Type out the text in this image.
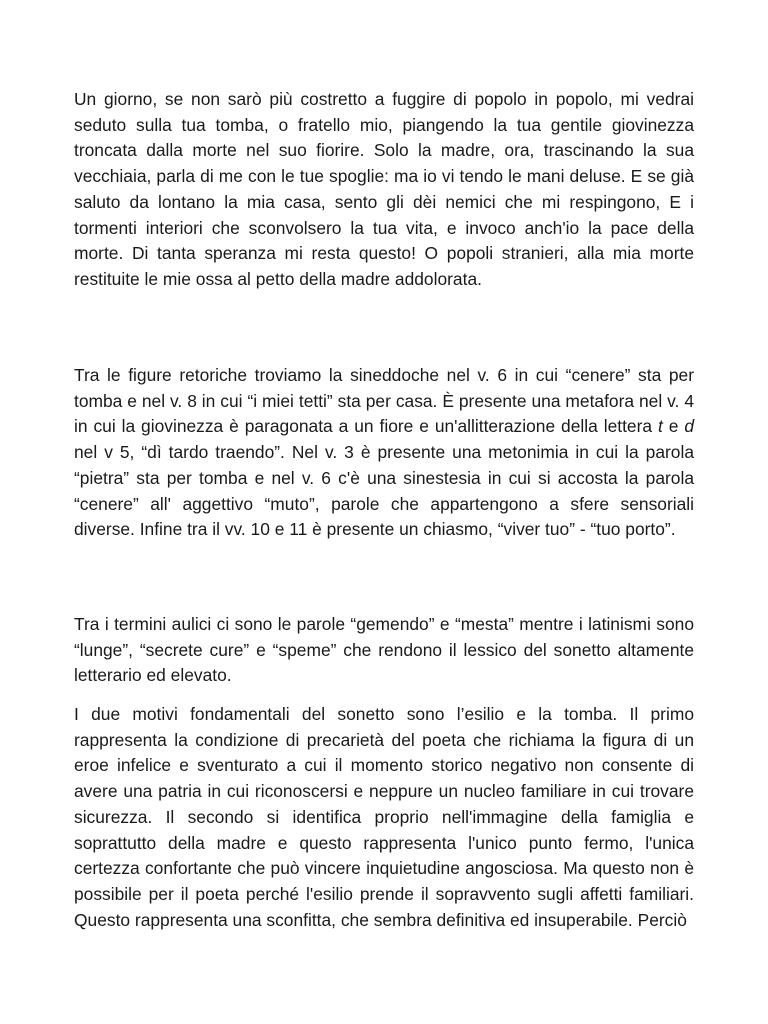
Un giorno, se non sarò più costretto a fuggire di popolo in popolo, mi vedrai seduto sulla tua tomba, o fratello mio, piangendo la tua gentile giovinezza troncata dalla morte nel suo fiorire. Solo la madre, ora, trascinando la sua vecchiaia, parla di me con le tue spoglie: ma io vi tendo le mani deluse. E se già saluto da lontano la mia casa, sento gli dèi nemici che mi respingono, E i tormenti interiori che sconvolsero la tua vita, e invoco anch'io la pace della morte. Di tanta speranza mi resta questo! O popoli stranieri, alla mia morte restituite le mie ossa al petto della madre addolorata.

Tra le figure retoriche troviamo la sineddoche nel v. 6 in cui “cenere” sta per tomba e nel v. 8 in cui “i miei tetti” sta per casa. È presente una metafora nel v. 4 in cui la giovinezza è paragonata a un fiore e un'allitterazione della lettera t e d nel v 5, “dì tardo traendo”. Nel v. 3 è presente una metonimia in cui la parola “pietra” sta per tomba e nel v. 6 c'è una sinestesia in cui si accosta la parola “cenere” all' aggettivo “muto”, parole che appartengono a sfere sensoriali diverse. Infine tra il vv. 10 e 11 è presente un chiasmo, “viver tuo” - “tuo porto”.

Tra i termini aulici ci sono le parole “gemendo” e “mesta” mentre i latinismi sono “lunge”, “secrete cure” e “speme” che rendono il lessico del sonetto altamente letterario ed elevato.

I due motivi fondamentali del sonetto sono l’esilio e la tomba. Il primo rappresenta la condizione di precarietà del poeta che richiama la figura di un eroe infelice e sventurato a cui il momento storico negativo non consente di avere una patria in cui riconoscersi e neppure un nucleo familiare in cui trovare sicurezza. Il secondo si identifica proprio nell'immagine della famiglia e soprattutto della madre e questo rappresenta l'unico punto fermo, l'unica certezza confortante che può vincere inquietudine angosciosa. Ma questo non è possibile per il poeta perché l'esilio prende il sopravvento sugli affetti familiari. Questo rappresenta una sconfitta, che sembra definitiva ed insuperabile. Perciò
